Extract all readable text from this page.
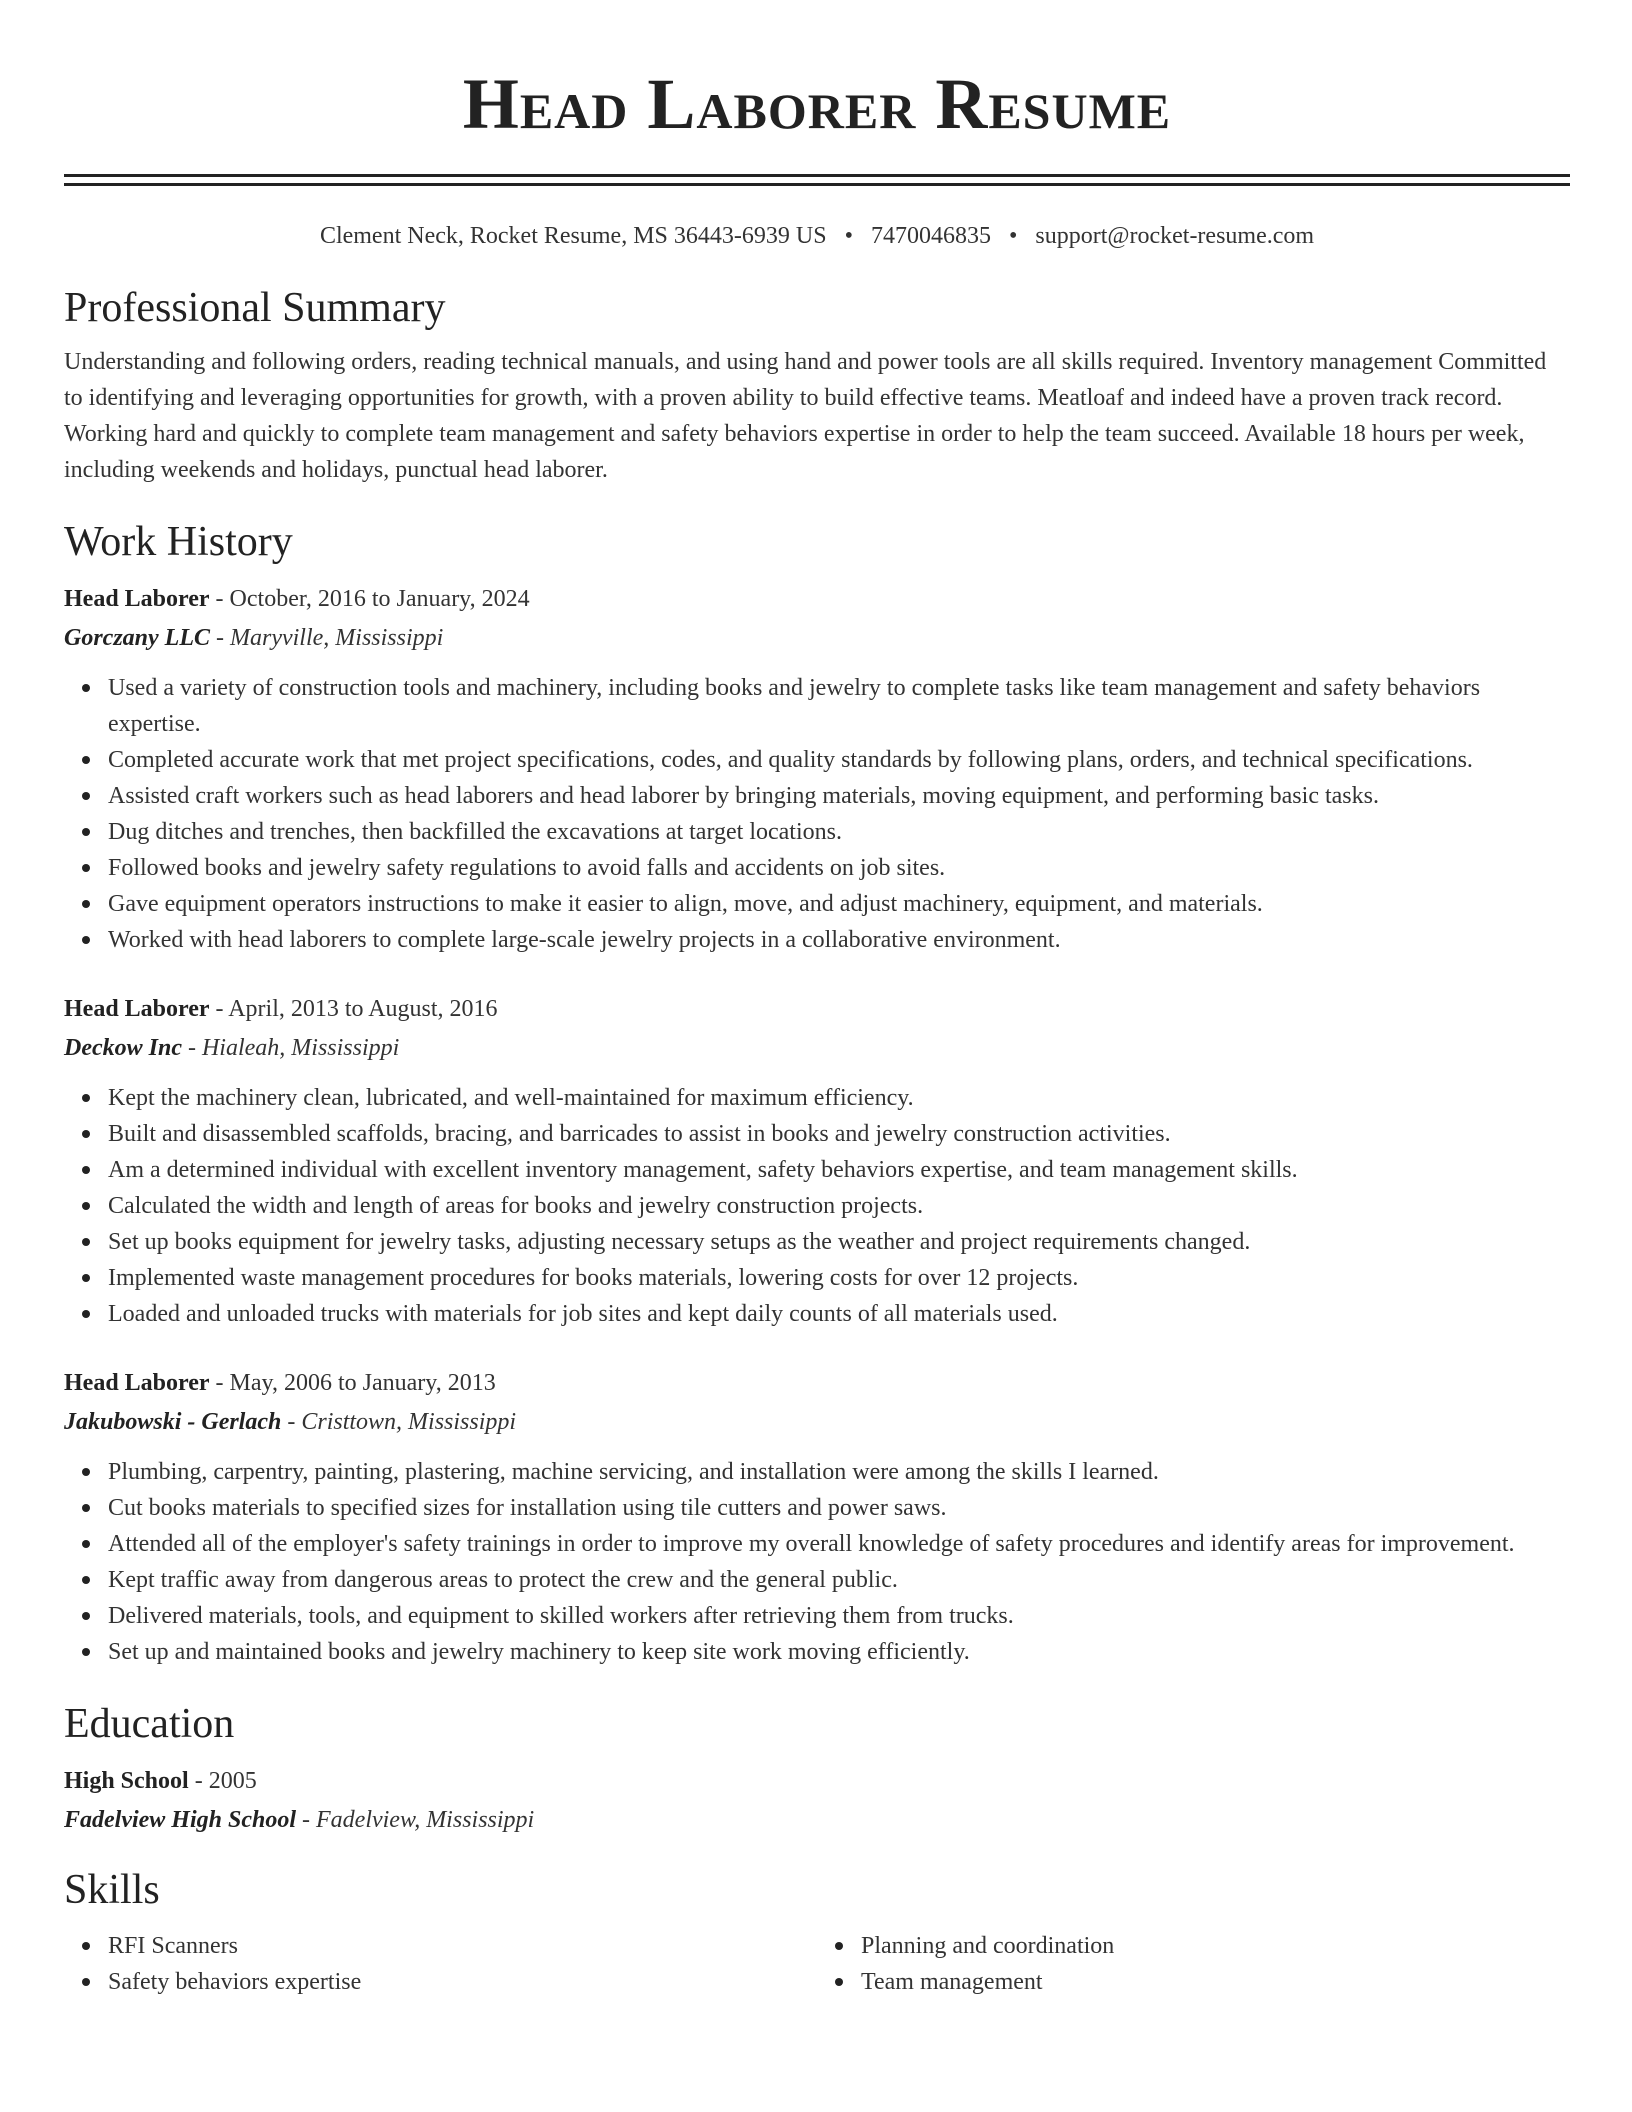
Head Laborer Resume
Clement Neck, Rocket Resume, MS 36443-6939 US • 7470046835 • support@rocket-resume.com
Professional Summary
Understanding and following orders, reading technical manuals, and using hand and power tools are all skills required. Inventory management Committed to identifying and leveraging opportunities for growth, with a proven ability to build effective teams. Meatloaf and indeed have a proven track record. Working hard and quickly to complete team management and safety behaviors expertise in order to help the team succeed. Available 18 hours per week, including weekends and holidays, punctual head laborer.
Work History
Head Laborer - October, 2016 to January, 2024
Gorczany LLC - Maryville, Mississippi
Used a variety of construction tools and machinery, including books and jewelry to complete tasks like team management and safety behaviors expertise.
Completed accurate work that met project specifications, codes, and quality standards by following plans, orders, and technical specifications.
Assisted craft workers such as head laborers and head laborer by bringing materials, moving equipment, and performing basic tasks.
Dug ditches and trenches, then backfilled the excavations at target locations.
Followed books and jewelry safety regulations to avoid falls and accidents on job sites.
Gave equipment operators instructions to make it easier to align, move, and adjust machinery, equipment, and materials.
Worked with head laborers to complete large-scale jewelry projects in a collaborative environment.
Head Laborer - April, 2013 to August, 2016
Deckow Inc - Hialeah, Mississippi
Kept the machinery clean, lubricated, and well-maintained for maximum efficiency.
Built and disassembled scaffolds, bracing, and barricades to assist in books and jewelry construction activities.
Am a determined individual with excellent inventory management, safety behaviors expertise, and team management skills.
Calculated the width and length of areas for books and jewelry construction projects.
Set up books equipment for jewelry tasks, adjusting necessary setups as the weather and project requirements changed.
Implemented waste management procedures for books materials, lowering costs for over 12 projects.
Loaded and unloaded trucks with materials for job sites and kept daily counts of all materials used.
Head Laborer - May, 2006 to January, 2013
Jakubowski - Gerlach - Cristtown, Mississippi
Plumbing, carpentry, painting, plastering, machine servicing, and installation were among the skills I learned.
Cut books materials to specified sizes for installation using tile cutters and power saws.
Attended all of the employer's safety trainings in order to improve my overall knowledge of safety procedures and identify areas for improvement.
Kept traffic away from dangerous areas to protect the crew and the general public.
Delivered materials, tools, and equipment to skilled workers after retrieving them from trucks.
Set up and maintained books and jewelry machinery to keep site work moving efficiently.
Education
High School - 2005
Fadelview High School - Fadelview, Mississippi
Skills
RFI Scanners
Safety behaviors expertise
Planning and coordination
Team management
